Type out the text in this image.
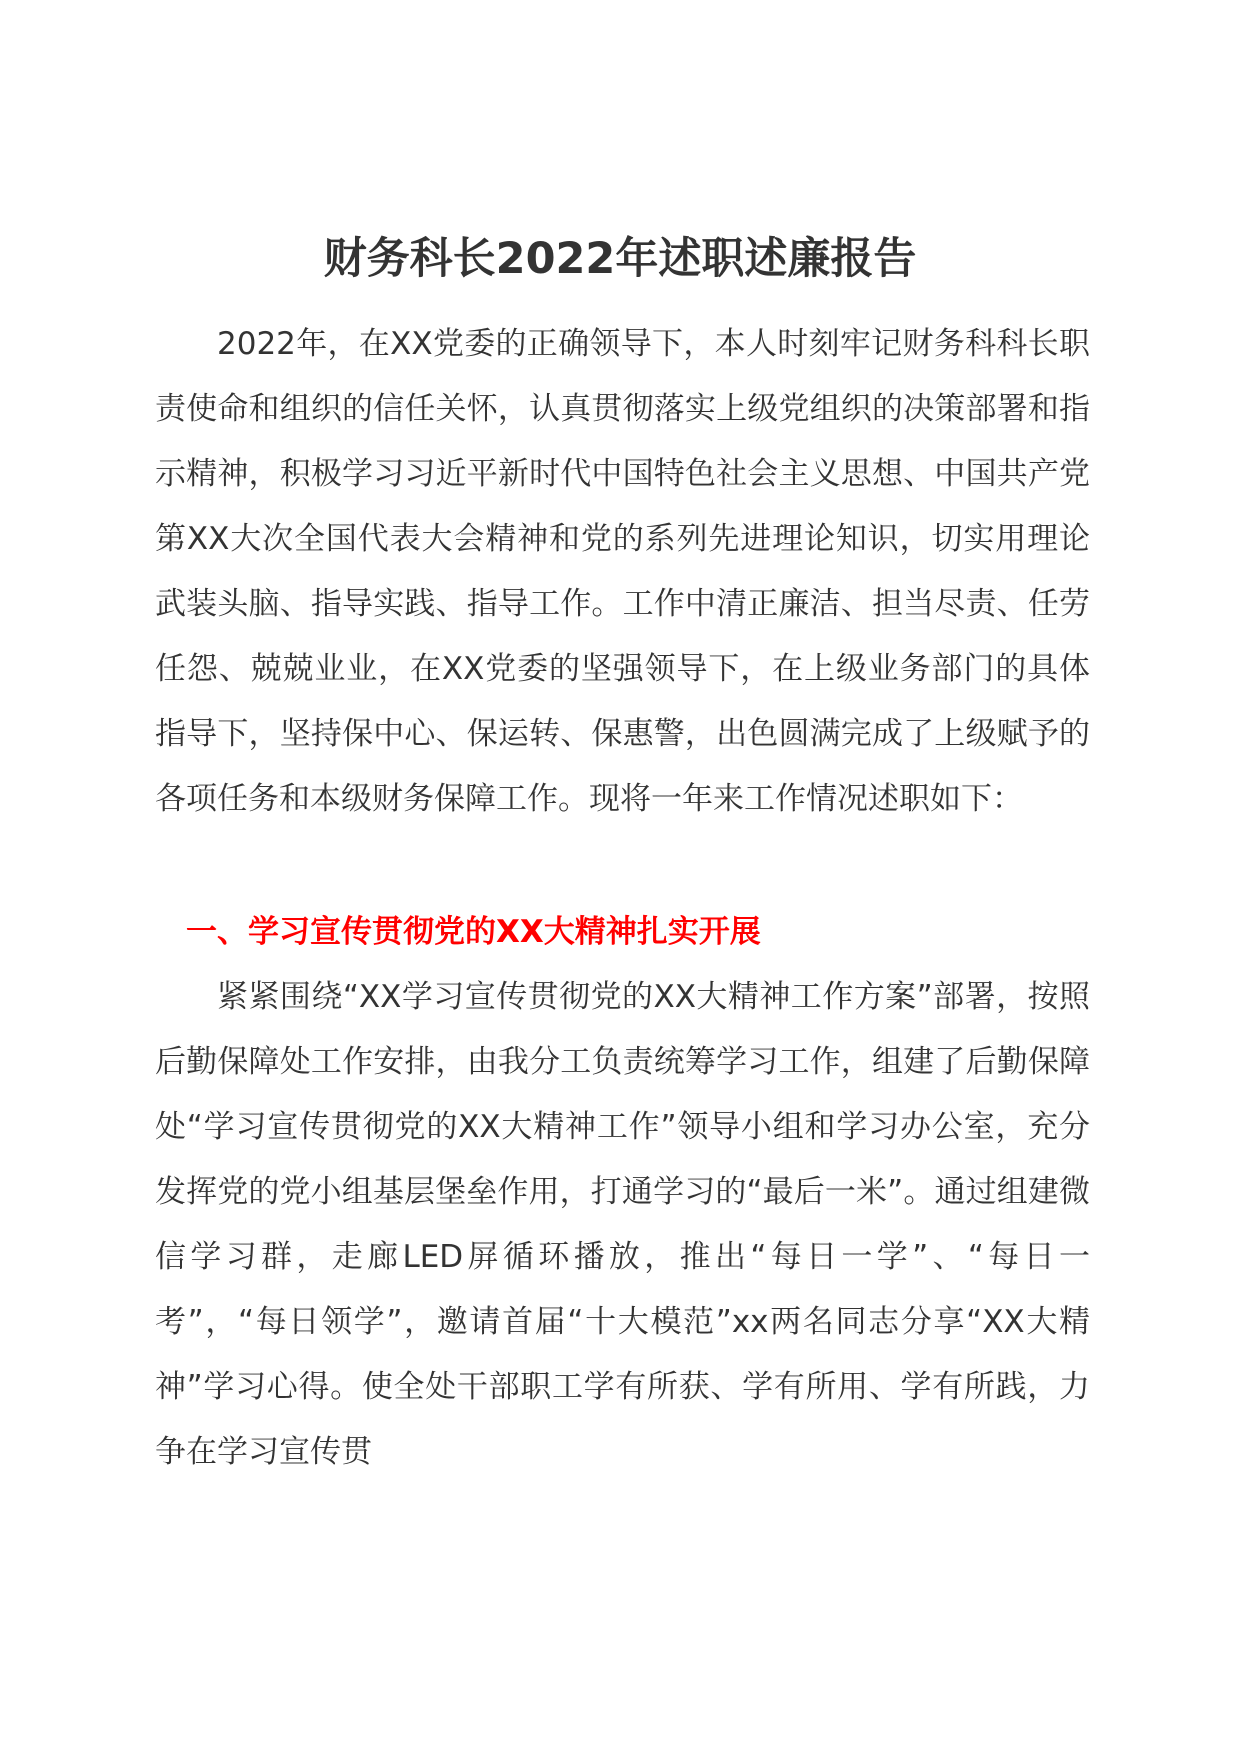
财务科长2022年述职述廉报告

2022年，在XX党委的正确领导下，本人时刻牢记财务科科长职责使命和组织的信任关怀，认真贯彻落实上级党组织的决策部署和指示精神，积极学习习近平新时代中国特色社会主义思想、中国共产党第XX大次全国代表大会精神和党的系列先进理论知识，切实用理论武装头脑、指导实践、指导工作。工作中清正廉洁、担当尽责、任劳任怨、兢兢业业，在XX党委的坚强领导下，在上级业务部门的具体指导下，坚持保中心、保运转、保惠警，出色圆满完成了上级赋予的各项任务和本级财务保障工作。现将一年来工作情况述职如下：

一、学习宣传贯彻党的XX大精神扎实开展

紧紧围绕“XX学习宣传贯彻党的XX大精神工作方案”部署，按照后勤保障处工作安排，由我分工负责统筹学习工作，组建了后勤保障处“学习宣传贯彻党的XX大精神工作”领导小组和学习办公室，充分发挥党的党小组基层堡垒作用，打通学习的“最后一米”。通过组建微信学习群，走廊LED屏循环播放，推出“每日一学”、“每日一考”，“每日领学”，邀请首届“十大模范”xx两名同志分享“XX大精神”学习心得。使全处干部职工学有所获、学有所用、学有所践，力争在学习宣传贯
